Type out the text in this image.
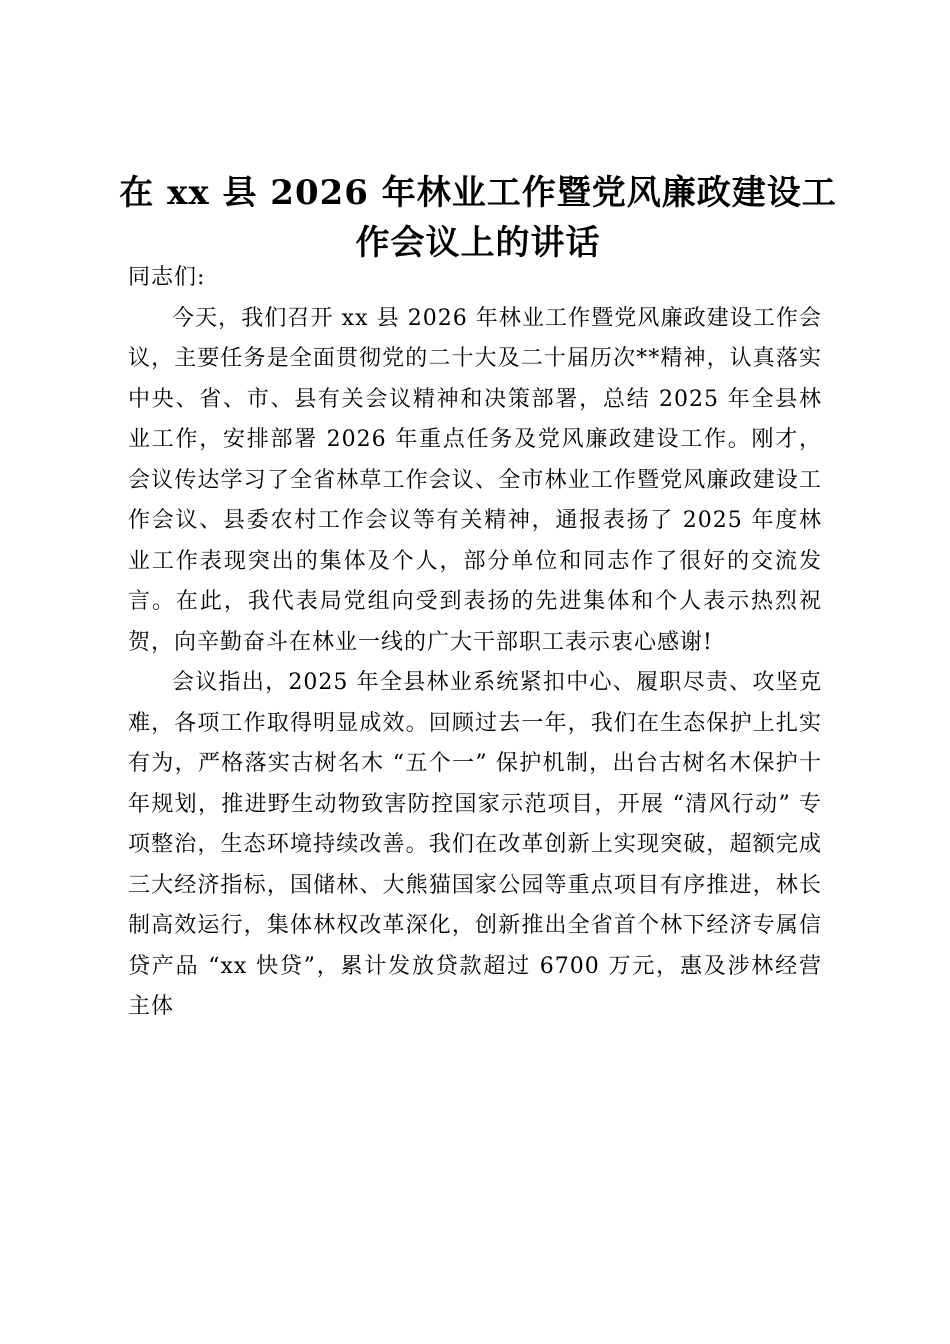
在 xx 县 2026 年林业工作暨党风廉政建设工作会议上的讲话

同志们:

今天，我们召开 xx 县 2026 年林业工作暨党风廉政建设工作会议，主要任务是全面贯彻党的二十大及二十届历次**精神，认真落实中央、省、市、县有关会议精神和决策部署，总结 2025 年全县林业工作，安排部署 2026 年重点任务及党风廉政建设工作。刚才，会议传达学习了全省林草工作会议、全市林业工作暨党风廉政建设工作会议、县委农村工作会议等有关精神，通报表扬了 2025 年度林业工作表现突出的集体及个人，部分单位和同志作了很好的交流发言。在此，我代表局党组向受到表扬的先进集体和个人表示热烈祝贺，向辛勤奋斗在林业一线的广大干部职工表示衷心感谢!

会议指出，2025 年全县林业系统紧扣中心、履职尽责、攻坚克难，各项工作取得明显成效。回顾过去一年，我们在生态保护上扎实有为，严格落实古树名木 “五个一” 保护机制，出台古树名木保护十年规划，推进野生动物致害防控国家示范项目，开展 “清风行动” 专项整治，生态环境持续改善。我们在改革创新上实现突破，超额完成三大经济指标，国储林、大熊猫国家公园等重点项目有序推进，林长制高效运行，集体林权改革深化，创新推出全省首个林下经济专属信贷产品 “xx 快贷”，累计发放贷款超过 6700 万元，惠及涉林经营主体
